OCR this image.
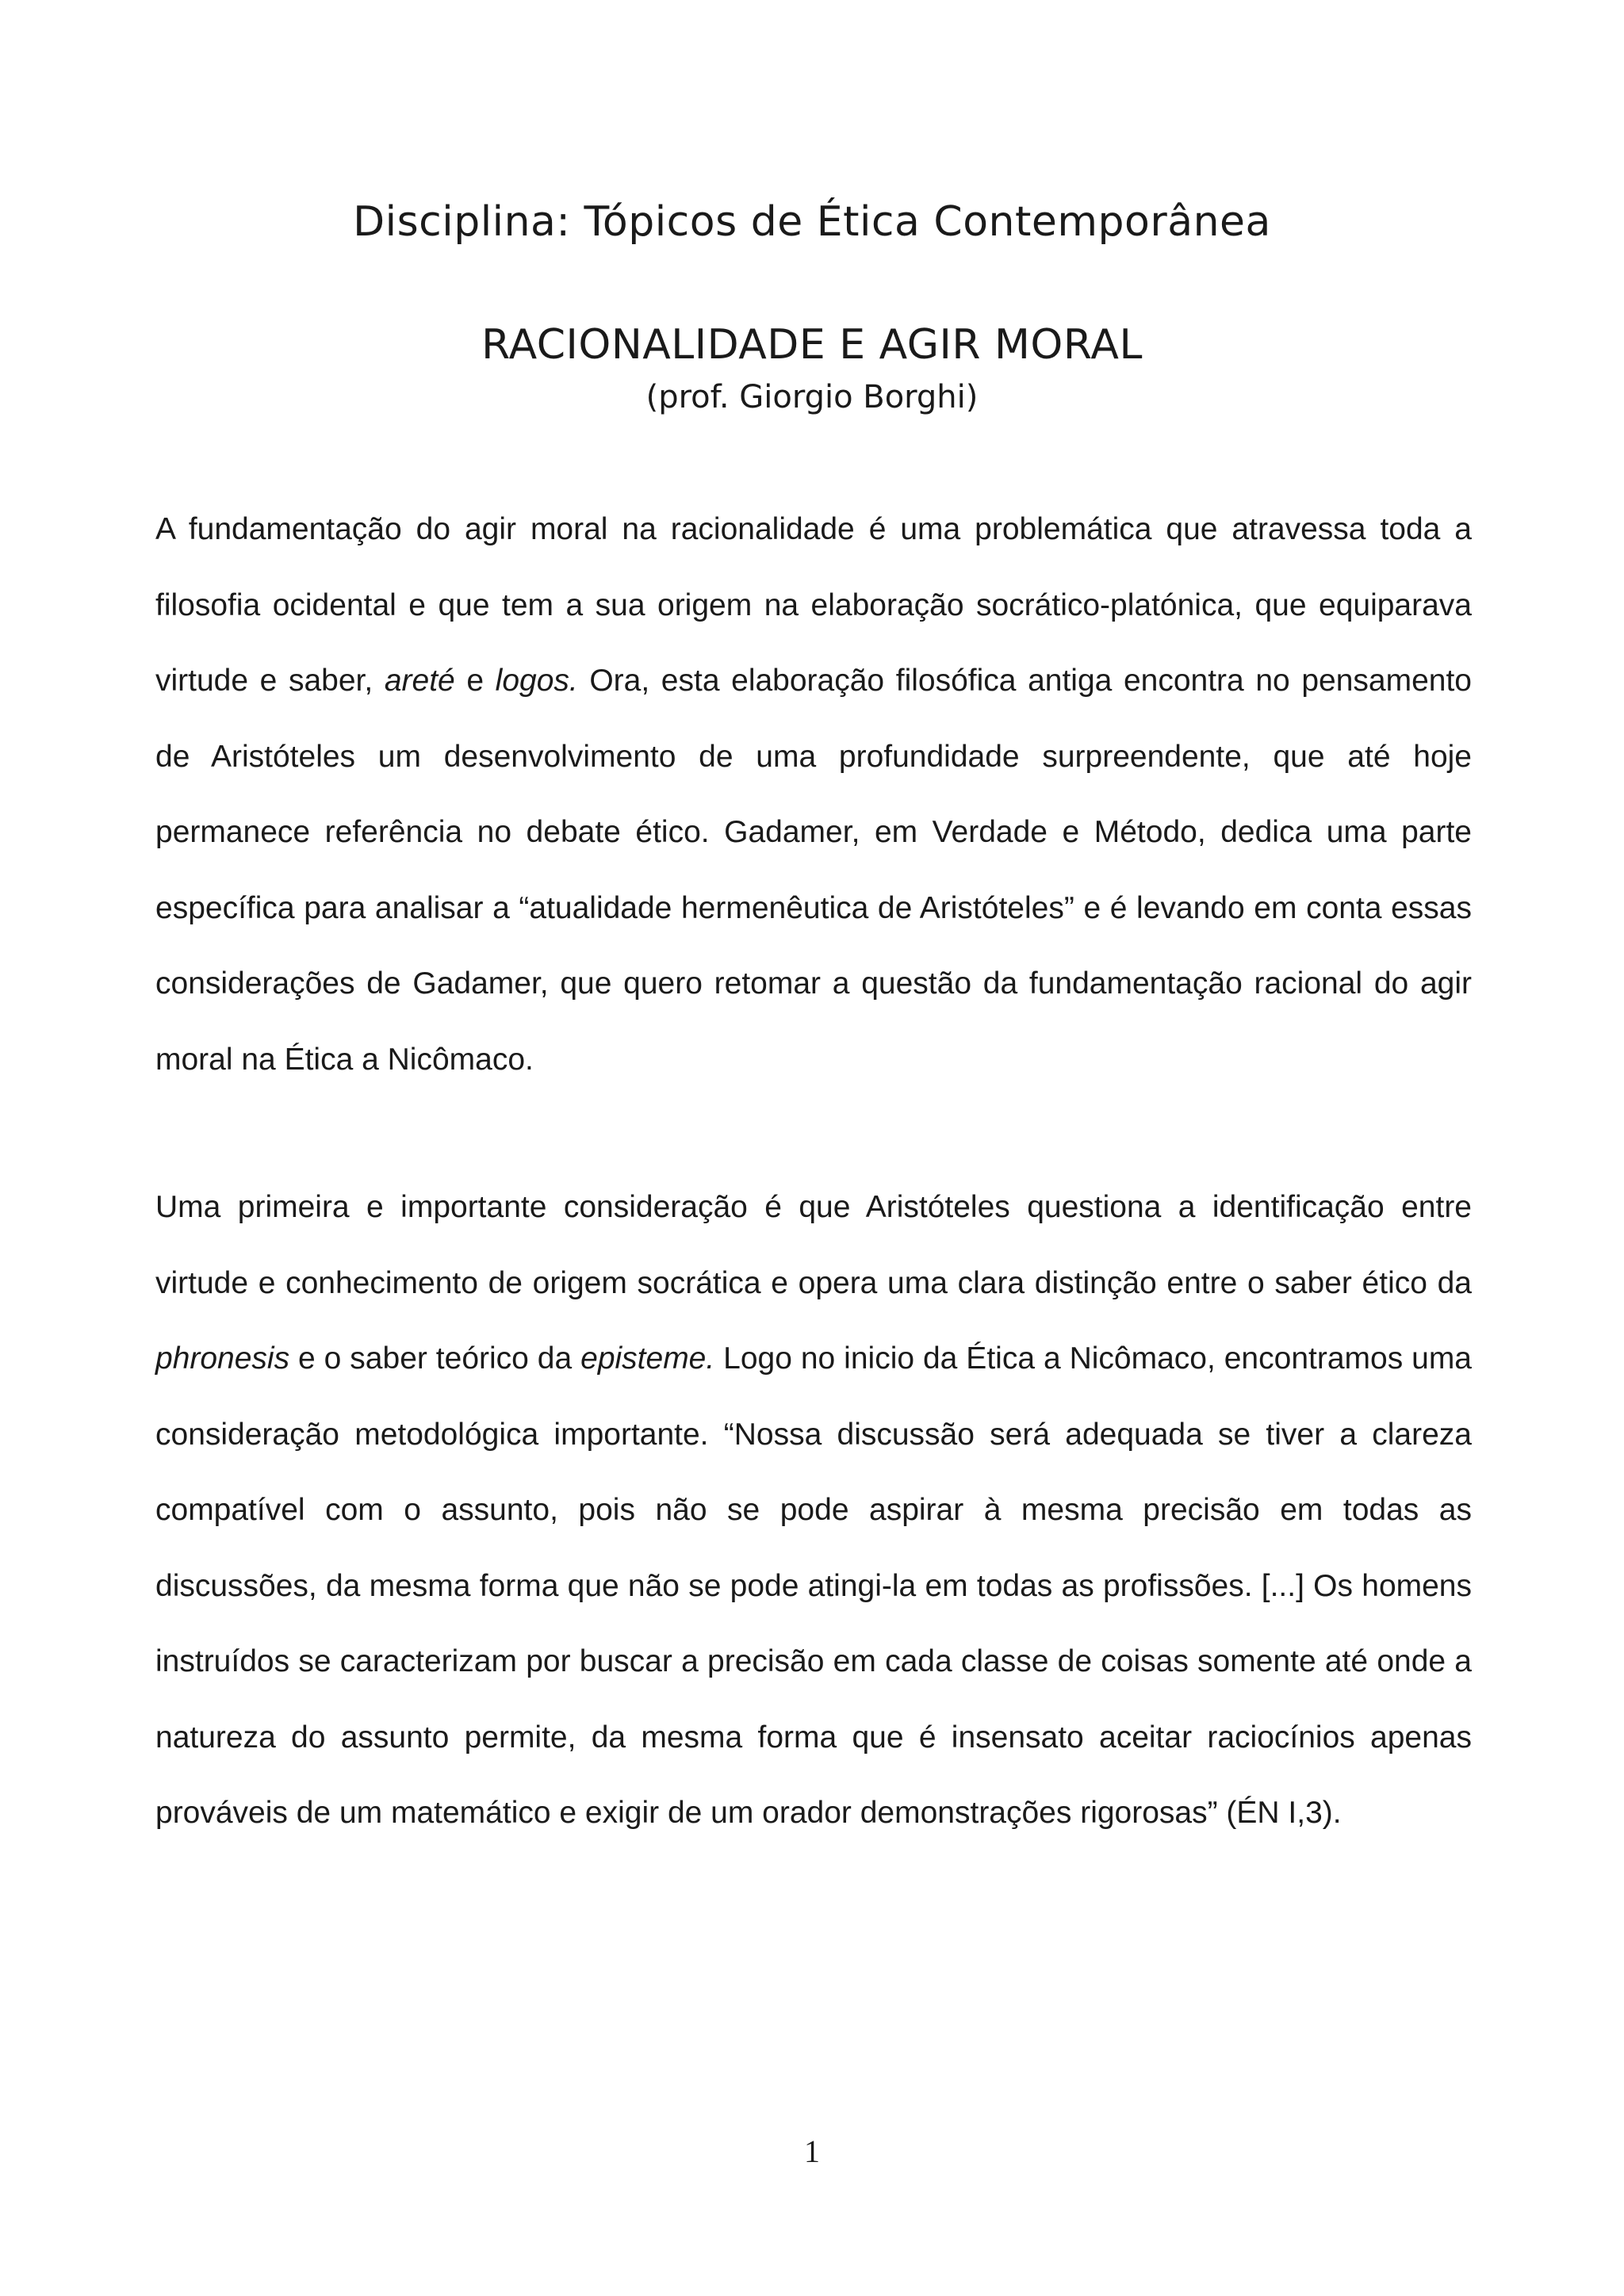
Disciplina: Tópicos de Ética Contemporânea
RACIONALIDADE E AGIR MORAL
(prof. Giorgio Borghi)

A fundamentação do agir moral na racionalidade é uma problemática que atravessa toda a filosofia ocidental e que tem a sua origem na elaboração socrático-platónica, que equiparava virtude e saber, areté e logos. Ora, esta elaboração filosófica antiga encontra no pensamento de Aristóteles um desenvolvimento de uma profundidade surpreendente, que até hoje permanece referência no debate ético. Gadamer, em Verdade e Método, dedica uma parte específica para analisar a “atualidade hermenêutica de Aristóteles” e é levando em conta essas considerações de Gadamer, que quero retomar a questão da fundamentação racional do agir moral na Ética a Nicômaco.

Uma primeira e importante consideração é que Aristóteles questiona a identificação entre virtude e conhecimento de origem socrática e opera uma clara distinção entre o saber ético da phronesis e o saber teórico da episteme. Logo no inicio da Ética a Nicômaco, encontramos uma consideração metodológica importante. “Nossa discussão será adequada se tiver a clareza compatível com o assunto, pois não se pode aspirar à mesma precisão em todas as discussões, da mesma forma que não se pode atingi-la em todas as profissões. [...] Os homens instruídos se caracterizam por buscar a precisão em cada classe de coisas somente até onde a natureza do assunto permite, da mesma forma que é insensato aceitar raciocínios apenas prováveis de um matemático e exigir de um orador demonstrações rigorosas” (ÉN I,3).

1
